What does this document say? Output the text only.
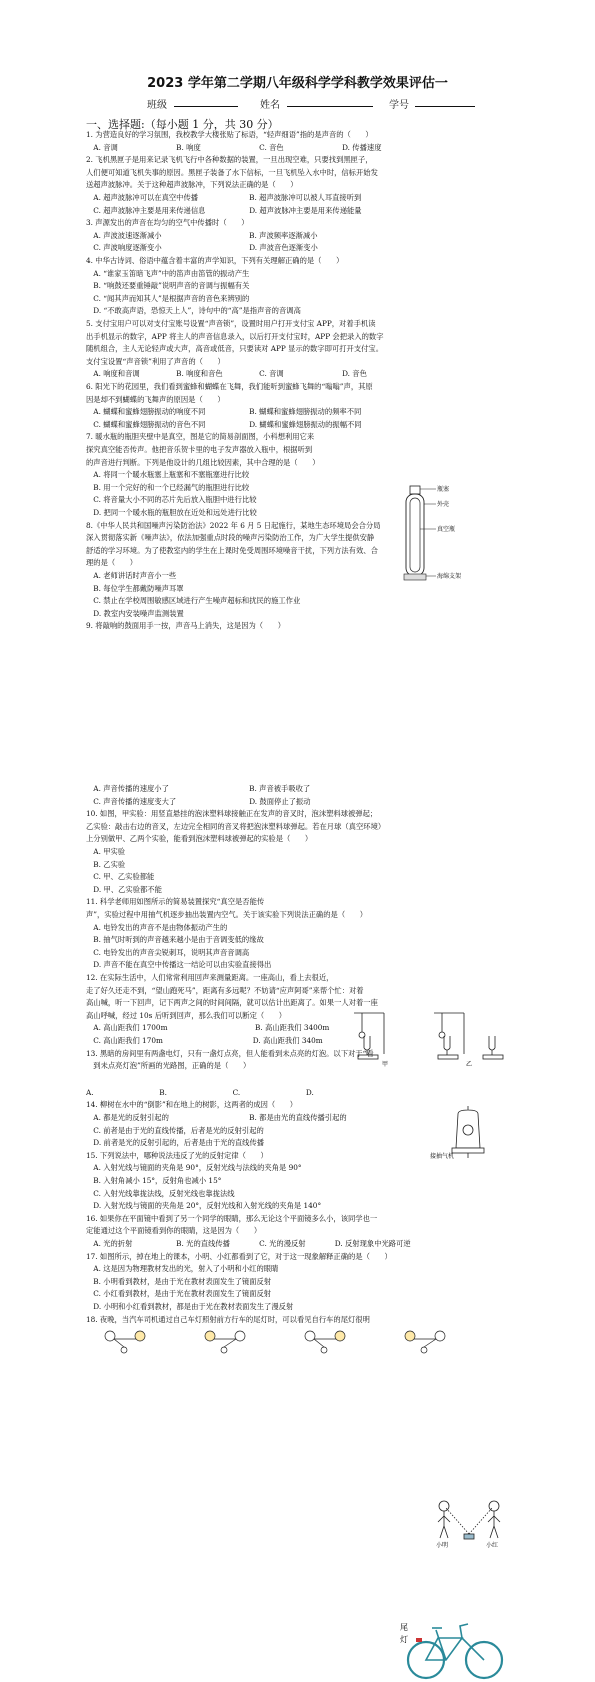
2023 学年第二学期八年级科学学科教学效果评估一
班级	姓名	学号
一、选择题:（每小题 1 分，共 30 分）
1. 为营造良好的学习氛围，我校教学大楼张贴了标语，“轻声细语”指的是声音的（　　）
　A. 音调　　　　　　　　B. 响度　　　　　　　　C. 音色　　　　　　　　D. 传播速度
2. 飞机黑匣子是用来记录飞机飞行中各种数据的装置，一旦出现空难，只要找到黑匣子，
人们便可知道飞机失事的原因。黑匣子装备了水下信标，一旦飞机坠入水中时，信标开始发
送超声波脉冲。关于这种超声波脉冲，下列说法正确的是（　　）
　A. 超声波脉冲可以在真空中传播　　　　　　　B. 超声波脉冲可以被人耳直接听到
　C. 超声波脉冲主要是用来传递信息　　　　　　D. 超声波脉冲主要是用来传递能量
3. 声源发出的声音在均匀的空气中传播时（　　）
　A. 声波波速逐渐减小　　　　　　　　　　　　B. 声波频率逐渐减小
　C. 声波响度逐渐变小　　　　　　　　　　　　D. 声波音色逐渐变小
4. 中华古诗词、俗语中蕴含着丰富的声学知识，下列有关理解正确的是（　　）
　A. “谁家玉笛暗飞声”中的笛声由笛管的振动产生
　B. “响鼓还要重锤敲”说明声音的音调与振幅有关
　C. “闻其声而知其人”是根据声音的音色来辨别的
　D. “不敢高声语，恐惊天上人”，诗句中的“高”是指声音的音调高
5. 支付宝用户可以对支付宝账号设置“声音锁”，设置时用户打开支付宝 APP，对着手机读
出手机显示的数字，APP 将主人的声音信息录入，以后打开支付宝时，APP 会把录入的数字
随机组合，主人无论轻声或大声，高音或低音，只要读对 APP 显示的数字即可打开支付宝。
支付宝设置“声音锁”利用了声音的（　　）
　A. 响度和音调　　　　　B. 响度和音色　　　　　C. 音调　　　　　　　　D. 音色
6. 阳光下的花园里，我们看到蜜蜂和蝴蝶在飞舞，我们能听到蜜蜂飞舞的“嗡嗡”声，其原
因是却不到蝴蝶的飞舞声的原因是（　　）
　A. 蝴蝶和蜜蜂翅膀振动的响度不同　　　　　　B. 蝴蝶和蜜蜂翅膀振动的频率不同
　C. 蝴蝶和蜜蜂翅膀振动的音色不同　　　　　　D. 蝴蝶和蜜蜂翅膀振动的振幅不同
7. 暖水瓶的瓶胆夹壁中是真空，图是它的简易剖面图，小科想利用它来
探究真空能否传声。他把音乐贺卡里的电子发声器放入瓶中，根据听到
的声音进行判断。下列是他设计的几组比较因素，其中合理的是（　　）
　A. 将同一个暖水瓶塞上瓶塞和不塞瓶塞进行比较
　B. 用一个完好的和一个已经漏气的瓶胆进行比较
　C. 将音量大小不同的芯片先后放入瓶胆中进行比较
　D. 把同一个暖水瓶的瓶胆放在近处和远处进行比较
8.《中华人民共和国噪声污染防治法》2022 年 6 月 5 日起施行，某地生态环境局会合分局
深入贯彻落实新《噪声法》，依法加强重点时段的噪声污染防治工作，为广大学生提供安静
舒适的学习环境。为了使教室内的学生在上课时免受周围环境噪音干扰，下列方法有效、合
理的是（　　）
　A. 老师讲话时声音小一些
　B. 每位学生都戴防噪声耳罩
　C. 禁止在学校周围敏感区域进行产生噪声超标和扰民的施工作业
　D. 教室内安装噪声监测装置
9. 将敲响的鼓面用手一按，声音马上消失，这是因为（　　）
　A. 声音传播的速度小了　　　　　　　　　　　B. 声音被手吸收了
　C. 声音传播的速度变大了　　　　　　　　　　D. 鼓面停止了振动
10. 如图，甲实验：用竖直悬挂的泡沫塑料球接触正在发声的音叉时，泡沫塑料球被弹起；
乙实验：敲击右边的音叉，左边完全相同的音叉将把泡沫塑料球弹起。若在月球（真空环境）
上分别做甲、乙两个实验，能看到泡沫塑料球被弹起的实验是（　　）
　A. 甲实验
　B. 乙实验
　C. 甲、乙实验都能
　D. 甲、乙实验都不能
11. 科学老师用如图所示的简易装置探究“真空是否能传
声”，实验过程中用抽气机逐步抽出装置内空气。关于该实验下列说法正确的是（　　）
　A. 电铃发出的声音不是由物体振动产生的
　B. 抽气时听到的声音越来越小是由于音调变低的缘故
　C. 电铃发出的声音尖锐刺耳，说明其声音音调高
　D. 声音不能在真空中传播这一结论可以由实验直接得出
12. 在实际生活中，人们常常利用回声来测量距离。一座高山，看上去很近，
走了好久还走不到，“望山跑死马”，距离有多远呢？不妨请“应声阿哥”来帮个忙：对着
高山喊，听一下回声，记下两声之间的时间间隔，就可以估计出距离了。如果一人对着一座
高山呼喊，经过 10s 后听到回声，那么我们可以断定（　　）
　A. 高山距我们 1700m　　　　　　　　　　　　B. 高山距我们 3400m
　C. 高山距我们 170m　　　　　　　　　　　　 D. 高山距我们 340m
13. 黑暗的房间里有两盏电灯，只有一盏灯点亮，但人能看到未点亮的灯泡。以下对于“看
　到未点亮灯泡”所画的光路图，正确的是（　　）
A.　　　　　　　　　B.　　　　　　　　　C.　　　　　　　　　D.
14. 柳树在水中的“倒影”和在地上的树影，这两者的成因（　　）
　A. 都是光的反射引起的　　　　　　　　　　　B. 都是由光的直线传播引起的
　C. 前者是由于光的直线传播，后者是光的反射引起的
　D. 前者是光的反射引起的，后者是由于光的直线传播
15. 下列说法中，哪种说法违反了光的反射定律（　　）
　A. 入射光线与镜面的夹角是 90°，反射光线与法线的夹角是 90°
　B. 入射角减小 15°，反射角也减小 15°
　C. 入射光线靠拢法线，反射光线也靠拢法线
　D. 入射光线与镜面的夹角是 20°，反射光线和入射光线的夹角是 140°
16. 如果你在平面镜中看到了另一个同学的眼睛，那么无论这个平面镜多么小，该同学也一
定能通过这个平面镜看到你的眼睛，这是因为（　　）
　A. 光的折射　　　　　　B. 光的直线传播　　　　C. 光的漫反射　　　　D. 反射现象中光路可逆
17. 如图所示，掉在地上的课本，小明、小红都看到了它，对于这一现象解释正确的是（　　）
　A. 这是因为物理教材发出的光，射入了小明和小红的眼睛
　B. 小明看到教材，是由于光在教材表面发生了镜面反射
　C. 小红看到教材，是由于光在教材表面发生了镜面反射
　D. 小明和小红看到教材，都是由于光在教材表面发生了漫反射
18. 夜晚，当汽车司机通过自己车灯照射前方行车的尾灯时，可以看见自行车的尾灯很明
瓶塞
外壳
真空瓶
海绵支架
甲	乙
接抽气机
小明	小红
尾
灯
